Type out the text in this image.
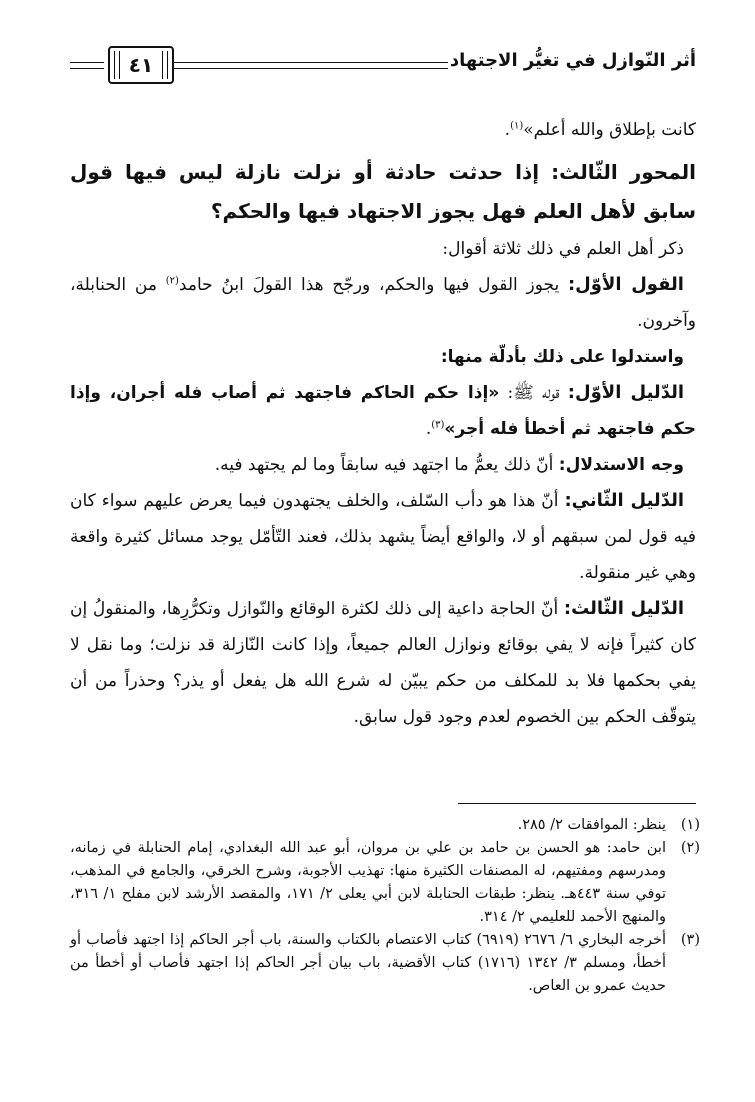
أثر النّوازل في تغيُّر الاجتهاد
٤١

كانت بإطلاق والله أعلم»$^{(١)}$.

المحور الثّالث: إذا حدثت حادثة أو نزلت نازلة ليس فيها قول سابق لأهل العلم فهل يجوز الاجتهاد فيها والحكم؟

ذكر أهل العلم في ذلك ثلاثة أقوال:

القول الأوّل: يجوز القول فيها والحكم، ورجّح هذا القولَ ابنُ حامد$^{(٢)}$ من الحنابلة، وآخرون.

واستدلوا على ذلك بأدلّة منها:

الدّليل الأوّل: قوله ﷺ: «إذا حكم الحاكم فاجتهد ثم أصاب فله أجران، وإذا حكم فاجتهد ثم أخطأ فله أجر»$^{(٣)}$.

وجه الاستدلال: أنّ ذلك يعمُّ ما اجتهد فيه سابقاً وما لم يجتهد فيه.

الدّليل الثّاني: أنّ هذا هو دأب السّلف، والخلف يجتهدون فيما يعرض عليهم سواء كان فيه قول لمن سبقهم أو لا، والواقع أيضاً يشهد بذلك، فعند التّأمّل يوجد مسائل كثيرة واقعة وهي غير منقولة.

الدّليل الثّالث: أنّ الحاجة داعية إلى ذلك لكثرة الوقائع والنّوازل وتكرُّرِها، والمنقولُ إن كان كثيراً فإنه لا يفي بوقائع ونوازل العالم جميعاً، وإذا كانت النّازلة قد نزلت؛ وما نقل لا يفي بحكمها فلا بد للمكلف من حكم يبيّن له شرع الله هل يفعل أو يذر؟ وحذراً من أن يتوقّف الحكم بين الخصوم لعدم وجود قول سابق.

(١)
ينظر: الموافقات ٢/ ٢٨٥.
(٢)
ابن حامد: هو الحسن بن حامد بن علي بن مروان، أبو عبد الله البغدادي، إمام الحنابلة في زمانه، ومدرسهم ومفتيهم، له المصنفات الكثيرة منها: تهذيب الأجوبة، وشرح الخرقي، والجامع في المذهب، توفي سنة ٤٤٣هـ. ينظر: طبقات الحنابلة لابن أبي يعلى ٢/ ١٧١، والمقصد الأرشد لابن مفلح ١/ ٣١٦، والمنهج الأحمد للعليمي ٢/ ٣١٤.
(٣)
أخرجه البخاري ٦/ ٢٦٧٦ (٦٩١٩) كتاب الاعتصام بالكتاب والسنة، باب أجر الحاكم إذا اجتهد فأصاب أو أخطأ، ومسلم ٣/ ١٣٤٢ (١٧١٦) كتاب الأقضية، باب بيان أجر الحاكم إذا اجتهد فأصاب أو أخطأ من حديث عمرو بن العاص.
